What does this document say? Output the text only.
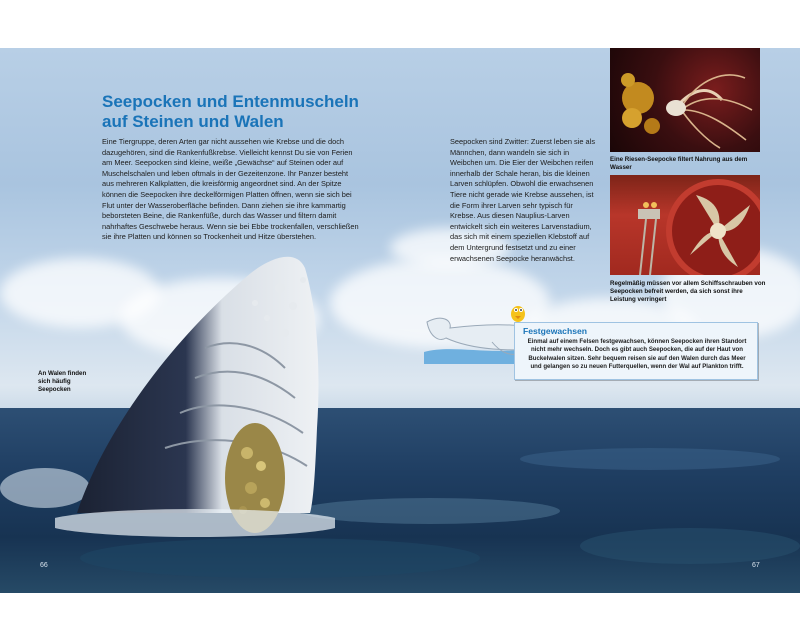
Seepocken und Entenmuscheln
auf Steinen und Walen

Eine Tiergruppe, deren Arten gar nicht aussehen wie Krebse und die doch dazugehören, sind die Rankenfußkrebse. Vielleicht kennst Du sie von Ferien am Meer. Seepocken sind kleine, weiße „Gewächse“ auf Steinen oder auf Muschelschalen und leben oftmals in der Gezeitenzone. Ihr Panzer besteht aus mehreren Kalkplatten, die kreisförmig angeordnet sind. An der Spitze können die Seepocken ihre deckelförmigen Platten öffnen, wenn sie sich bei Flut unter der Wasseroberfläche befinden. Dann ziehen sie ihre kammartig beborsteten Beine, die Rankenfüße, durch das Wasser und filtern damit nahrhaftes Geschwebe heraus. Wenn sie bei Ebbe trockenfallen, verschließen sie ihre Platten und können so Trockenheit und Hitze überstehen.

Seepocken sind Zwitter: Zuerst leben sie als Männchen, dann wandeln sie sich in Weibchen um. Die Eier der Weibchen reifen innerhalb der Schale heran, bis die kleinen Larven schlüpfen. Obwohl die erwachsenen Tiere nicht gerade wie Krebse aussehen, ist die Form ihrer Larven sehr typisch für Krebse. Aus diesen Nauplius-Larven entwickelt sich ein weiteres Larvenstadium, das sich mit einem speziellen Klebstoff auf dem Untergrund festsetzt und zu einer erwachsenen Seepocke heranwächst.

An Walen finden sich häufig Seepocken
Eine Riesen-Seepocke filtert Nahrung aus dem Wasser
Regelmäßig müssen vor allem Schiffsschrauben von Seepocken befreit werden, da sich sonst ihre Leistung verringert
Festgewachsen
Einmal auf einem Felsen festgewachsen, können Seepocken ihren Standort nicht mehr wechseln. Doch es gibt auch Seepocken, die auf der Haut von Buckelwalen sitzen. Sehr bequem reisen sie auf den Walen durch das Meer und gelangen so zu neuen Futterquellen, wenn der Wal auf Plankton trifft.
66	67
